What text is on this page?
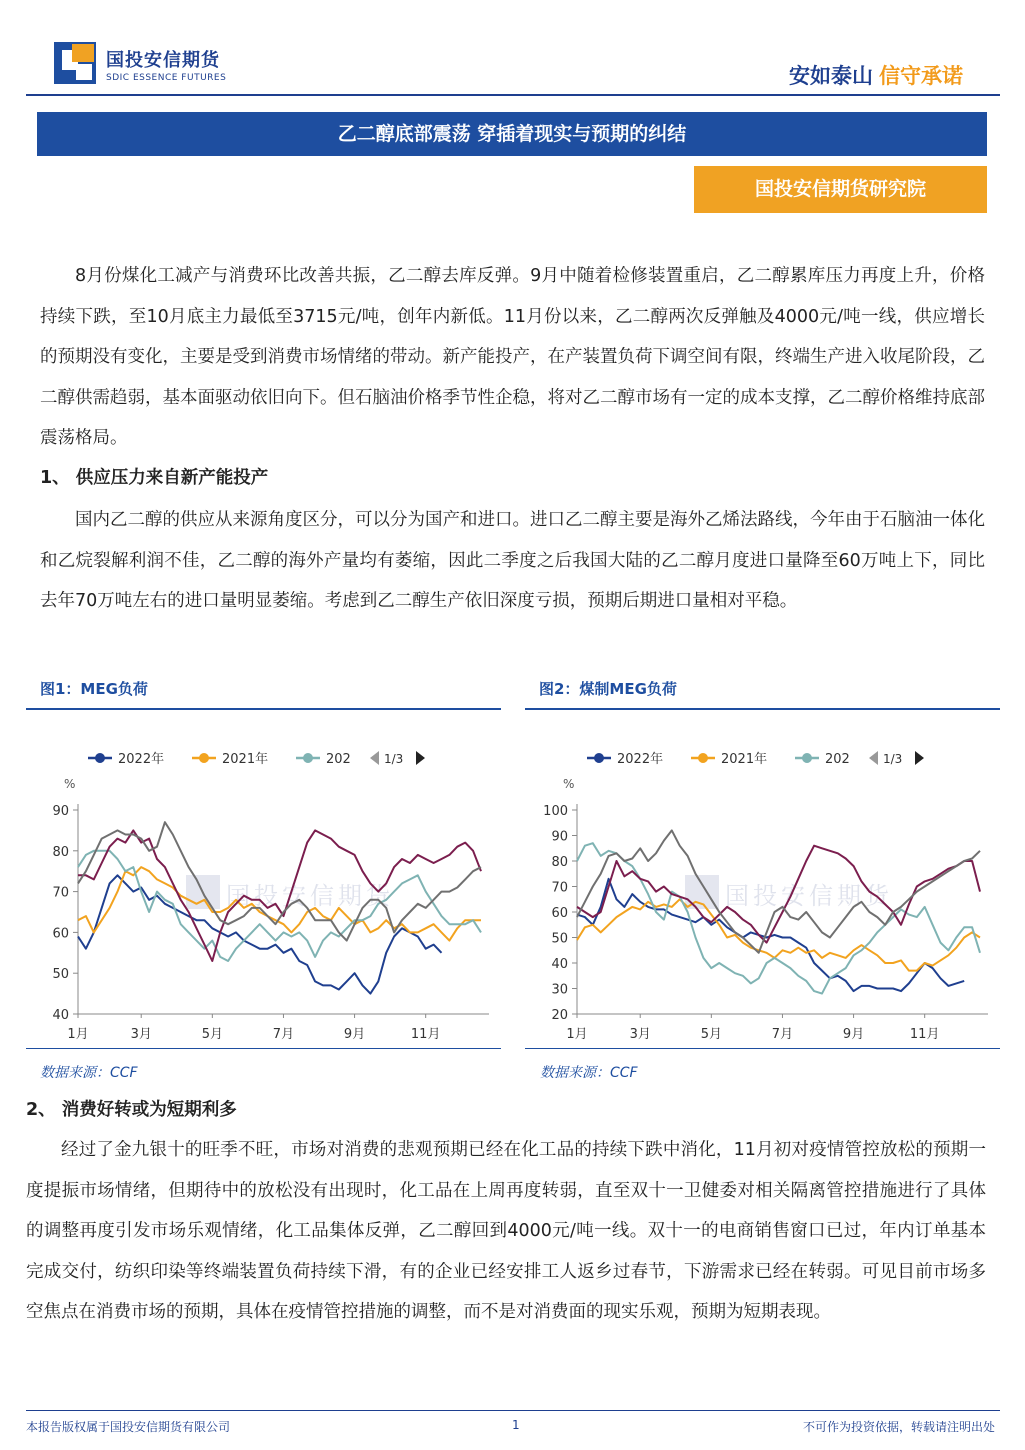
国投安信期货
SDIC ESSENCE FUTURES	安如泰山 信守承诺
乙二醇底部震荡 穿插着现实与预期的纠结
国投安信期货研究院

8月份煤化工减产与消费环比改善共振，乙二醇去库反弹。9月中随着检修装置重启，乙二醇累库压力再度上升，价格持续下跌，至10月底主力最低至3715元/吨，创年内新低。11月份以来，乙二醇两次反弹触及4000元/吨一线，供应增长的预期没有变化，主要是受到消费市场情绪的带动。新产能投产，在产装置负荷下调空间有限，终端生产进入收尾阶段，乙二醇供需趋弱，基本面驱动依旧向下。但石脑油价格季节性企稳，将对乙二醇市场有一定的成本支撑，乙二醇价格维持底部震荡格局。

1、 供应压力来自新产能投产

国内乙二醇的供应从来源角度区分，可以分为国产和进口。进口乙二醇主要是海外乙烯法路线，今年由于石脑油一体化和乙烷裂解利润不佳，乙二醇的海外产量均有萎缩，因此二季度之后我国大陆的乙二醇月度进口量降至60万吨上下，同比去年70万吨左右的进口量明显萎缩。考虑到乙二醇生产依旧深度亏损，预期后期进口量相对平稳。

图1：MEG负荷
2022年	2021年	202	1/3
%
国投安信期货
40
50
60
70
80
90
1月	3月	5月	7月	9月	11月
图2：煤制MEG负荷
2022年	2021年	202	1/3
%
国投安信期货
20
30
40
50
60
70
80
90
100
1月	3月	5月	7月	9月	11月
数据来源：CCF	数据来源：CCF
2、 消费好转或为短期利多

经过了金九银十的旺季不旺，市场对消费的悲观预期已经在化工品的持续下跌中消化，11月初对疫情管控放松的预期一度提振市场情绪，但期待中的放松没有出现时，化工品在上周再度转弱，直至双十一卫健委对相关隔离管控措施进行了具体的调整再度引发市场乐观情绪，化工品集体反弹，乙二醇回到4000元/吨一线。双十一的电商销售窗口已过，年内订单基本完成交付，纺织印染等终端装置负荷持续下滑，有的企业已经安排工人返乡过春节，下游需求已经在转弱。可见目前市场多空焦点在消费市场的预期，具体在疫情管控措施的调整，而不是对消费面的现实乐观，预期为短期表现。

本报告版权属于国投安信期货有限公司	1	不可作为投资依据，转载请注明出处
